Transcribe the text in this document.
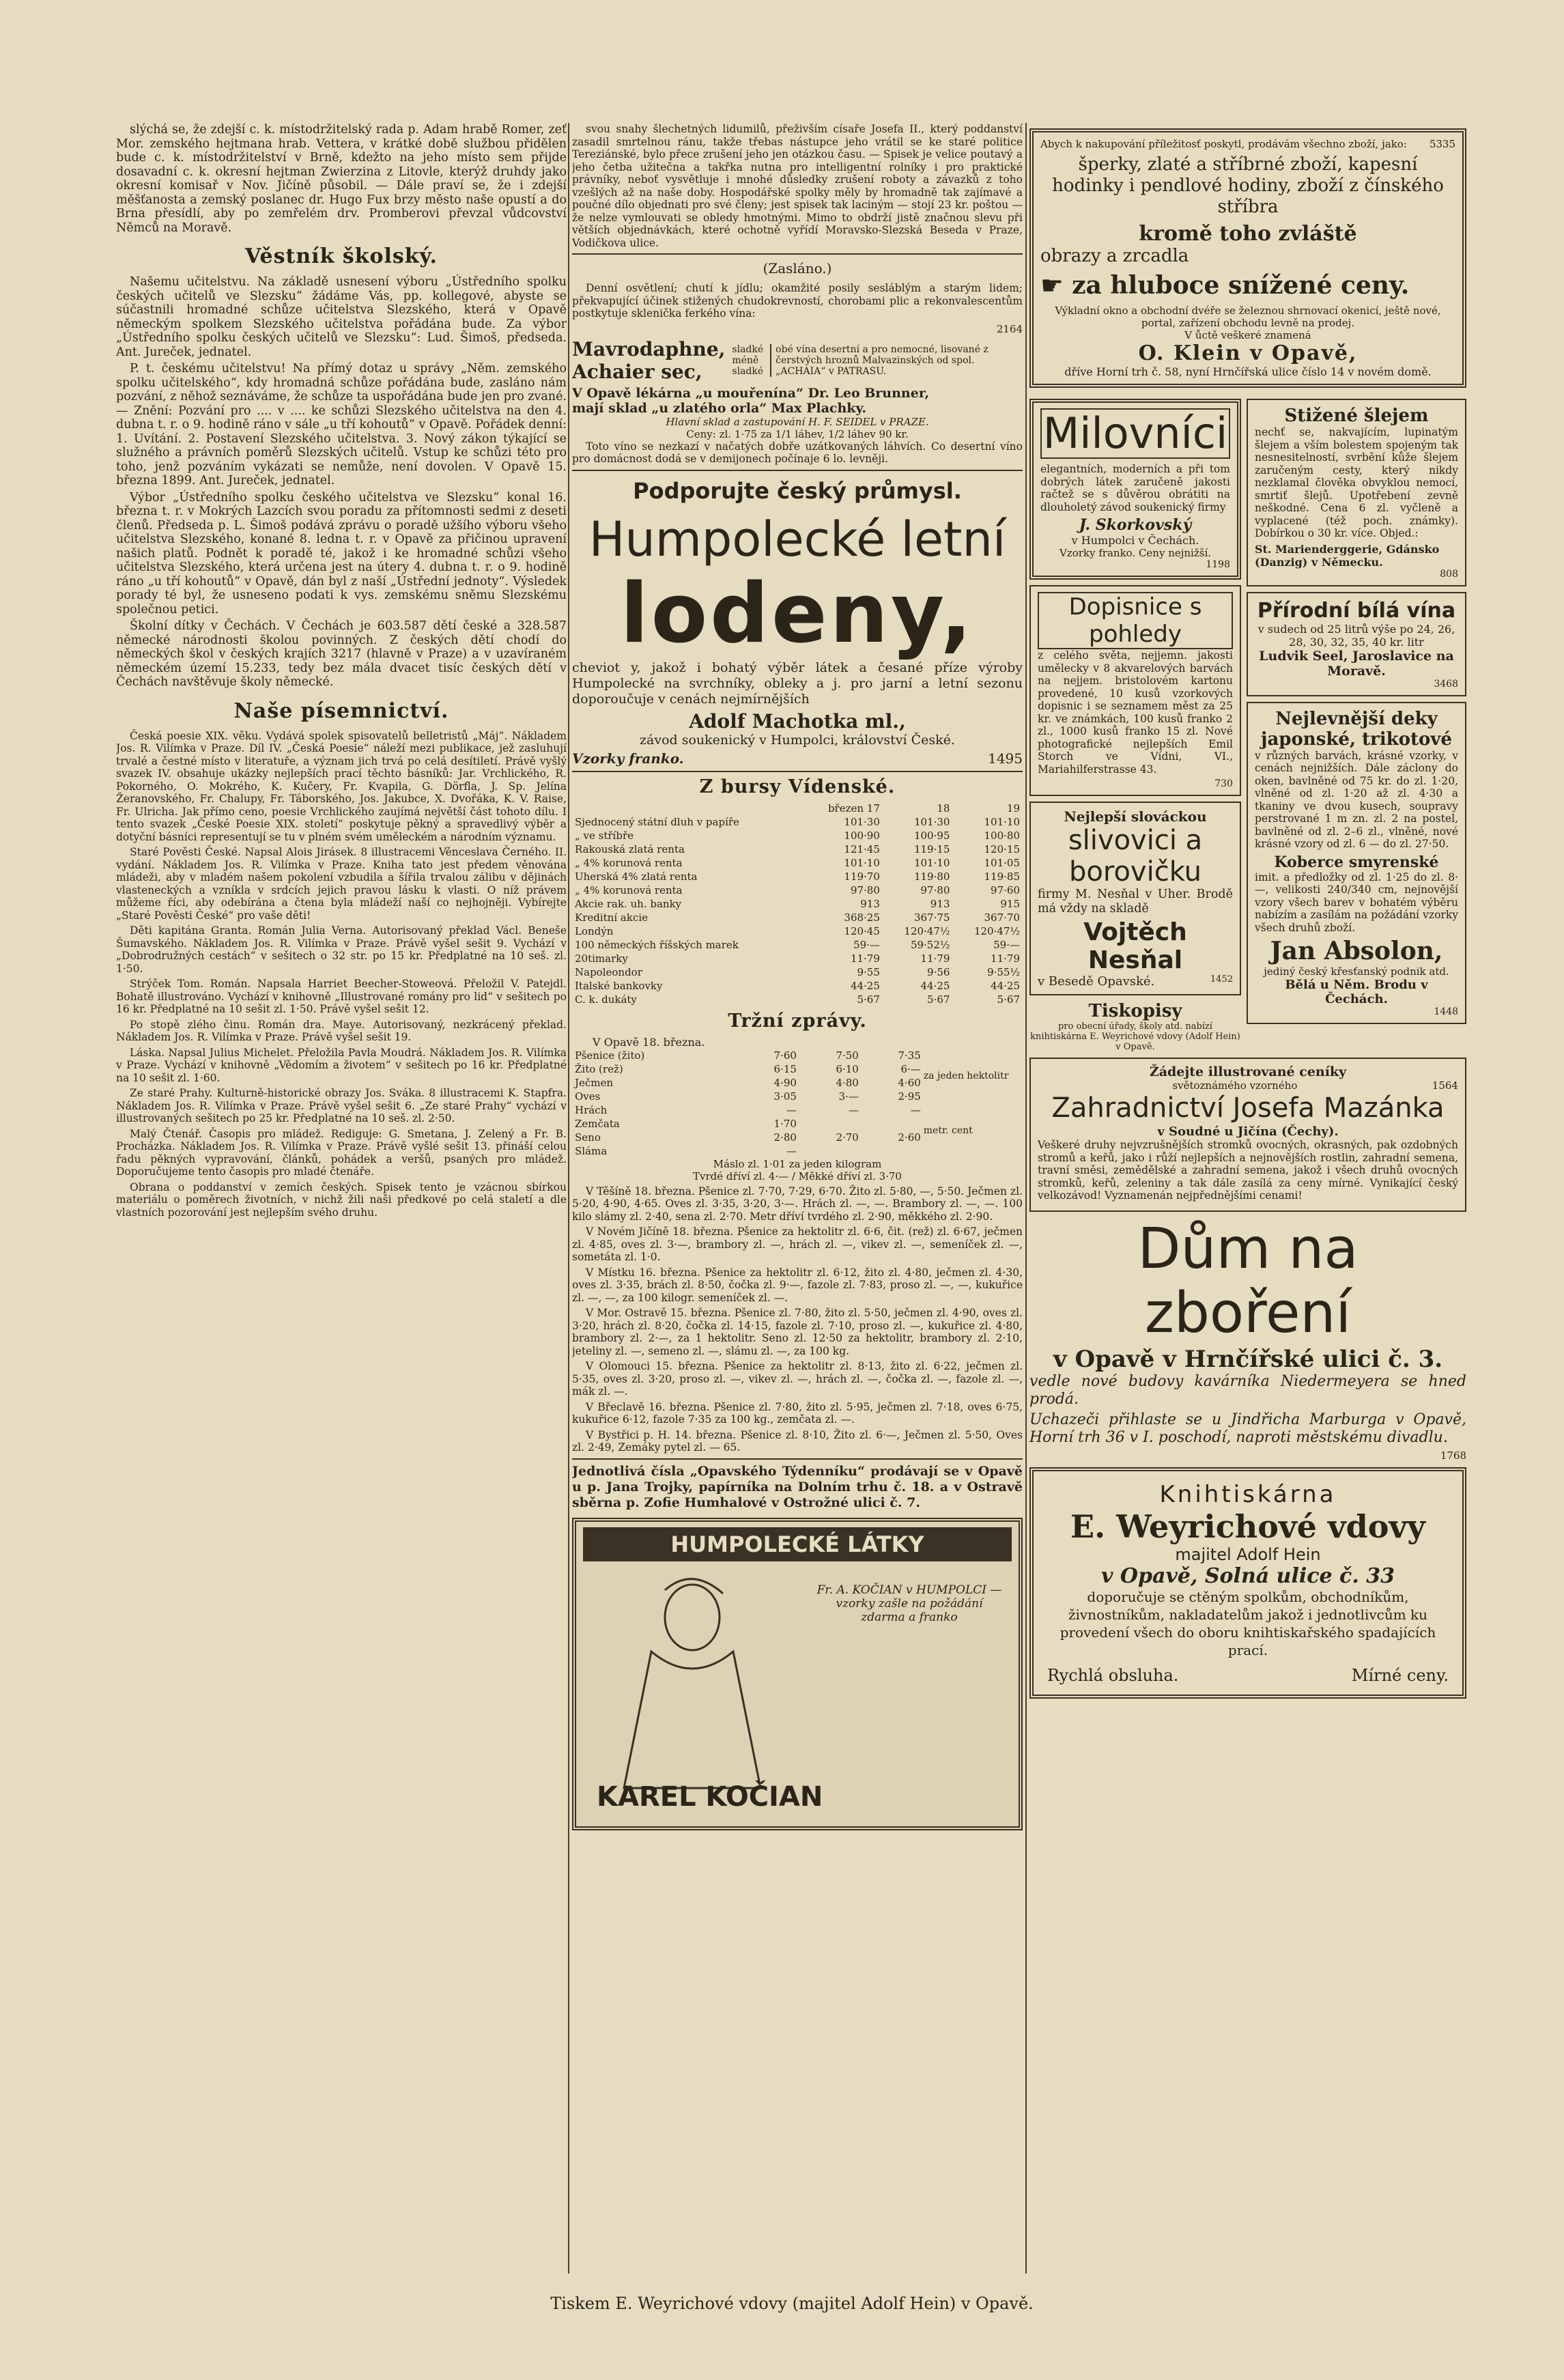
slýchá se, že zdejší c. k. místodržitelský rada p. Adam hrabě Romer, zeť Mor. zemského hejtmana hrab. Vettera, v krátké době službou přidělen bude c. k. místodržitelství v Brně, kdežto na jeho místo sem přijde dosavadní c. k. okresní hejtman Zwierzina z Litovle, kterýž druhdy jako okresní komisař v Nov. Jičíně působil. — Dále praví se, že i zdejší měšťanosta a zemský poslanec dr. Hugo Fux brzy město naše opustí a do Brna přesídlí, aby po zemřelém drv. Promberovi převzal vůdcovství Němců na Moravě.

Věstník školský.

Našemu učitelstvu. Na základě usnesení výboru „Ústředního spolku českých učitelů ve Slezsku“ žádáme Vás, pp. kollegové, abyste se súčastnili hromadné schůze učitelstva Slezského, která v Opavě německým spolkem Slezského učitelstva pořádána bude. Za výbor „Ústředního spolku českých učitelů ve Slezsku“: Lud. Šimoš, předseda. Ant. Jureček, jednatel.

P. t. českému učitelstvu! Na přímý dotaz u správy „Něm. zemského spolku učitelského“, kdy hromadná schůze pořádána bude, zasláno nám pozvání, z něhož seznáváme, že schůze ta uspořádána bude jen pro zvané. — Znění: Pozvání pro .... v .... ke schůzi Slezského učitelstva na den 4. dubna t. r. o 9. hodině ráno v sále „u tří kohoutů“ v Opavě. Pořádek denní: 1. Uvítání. 2. Postavení Slezského učitelstva. 3. Nový zákon týkající se služného a právních poměrů Slezských učitelů. Vstup ke schůzi této pro toho, jenž pozváním vykázati se nemůže, není dovolen. V Opavě 15. března 1899. Ant. Jureček, jednatel.

Výbor „Ústředního spolku českého učitelstva ve Slezsku“ konal 16. března t. r. v Mokrých Lazcích svou poradu za přítomnosti sedmi z deseti členů. Předseda p. L. Šimoš podává zprávu o poradě užšího výboru všeho učitelstva Slezského, konané 8. ledna t. r. v Opavě za přičinou upravení našich platů. Podnět k poradě té, jakož i ke hromadné schůzi všeho učitelstva Slezského, která určena jest na útery 4. dubna t. r. o 9. hodině ráno „u tří kohoutů“ v Opavě, dán byl z naší „Ústřední jednoty“. Výsledek porady té byl, že usneseno podati k vys. zemskému sněmu Slezskému společnou petici.

Školní dítky v Čechách. V Čechách je 603.587 dětí české a 328.587 německé národnosti školou povinných. Z českých dětí chodí do německých škol v českých krajích 3217 (hlavně v Praze) a v uzavíraném německém území 15.233, tedy bez mála dvacet tisíc českých dětí v Čechách navštěvuje školy německé.

Naše písemnictví.

Česká poesie XIX. věku. Vydává spolek spisovatelů belletristů „Máj“. Nákladem Jos. R. Vilímka v Praze. Díl IV. „Česká Poesie“ náleží mezi publikace, jež zasluhují trvalé a čestné místo v literatuře, a význam jich trvá po celá desítiletí. Právě vyšlý svazek IV. obsahuje ukázky nejlepších prací těchto básníků: Jar. Vrchlického, R. Pokorného, O. Mokrého, K. Kučery, Fr. Kvapila, G. Dörfla, J. Sp. Jelína Žeranovského, Fr. Chalupy, Fr. Táborského, Jos. Jakubce, X. Dvořáka, K. V. Raise, Fr. Ulricha. Jak přímo ceno, poesie Vrchlického zaujímá největší část tohoto dílu. I tento svazek „České Poesie XIX. století“ poskytuje pěkný a spravedlivý výběr a dotyční básníci representují se tu v plném svém uměleckém a národním významu.

Staré Pověsti České. Napsal Alois Jirásek. 8 illustracemi Věnceslava Černého. II. vydání. Nákladem Jos. R. Vilímka v Praze. Kniha tato jest předem věnována mládeži, aby v mladém našem pokolení vzbudila a šířila trvalou zálibu v dějinách vlasteneckých a vzníkla v srdcích jejich pravou lásku k vlasti. O níž právem můžeme říci, aby odebírána a čtena byla mládeží naší co nejhojněji. Vybírejte „Staré Pověsti České“ pro vaše děti!

Děti kapitána Granta. Román Julia Verna. Autorisovaný překlad Václ. Beneše Šumavského. Nákladem Jos. R. Vilímka v Praze. Právě vyšel sešit 9. Vychází v „Dobrodružných cestách“ v sešitech o 32 str. po 15 kr. Předplatné na 10 seš. zl. 1·50.

Strýček Tom. Román. Napsala Harriet Beecher-Stoweová. Přeložil V. Patejdl. Bohatě illustrováno. Vychází v knihovně „Illustrované romány pro lid“ v sešitech po 16 kr. Předplatné na 10 sešit zl. 1·50. Právě vyšel sešit 12.

Po stopě zlého činu. Román dra. Maye. Autorisovaný, nezkrácený překlad. Nákladem Jos. R. Vilímka v Praze. Právě vyšel sešit 19.

Láska. Napsal Julius Michelet. Přeložila Pavla Moudrá. Nákladem Jos. R. Vilímka v Praze. Vychází v knihovně „Vědomím a životem“ v sešitech po 16 kr. Předplatné na 10 sešit zl. 1·60.

Ze staré Prahy. Kulturně-historické obrazy Jos. Sváka. 8 illustracemi K. Stapfra. Nákladem Jos. R. Vilímka v Praze. Právě vyšel sešit 6. „Ze staré Prahy“ vychází v illustrovaných sešitech po 25 kr. Předplatné na 10 seš. zl. 2·50.

Malý Čtenář. Časopis pro mládež. Rediguje: G. Smetana, J. Zelený a Fr. B. Procházka. Nákladem Jos. R. Vilímka v Praze. Právě vyšlé sešit 13. přináší celou řadu pěkných vypravování, článků, pohádek a veršů, psaných pro mládež. Doporučujeme tento časopis pro mladé čtenáře.

Obrana o poddanství v zemích českých. Spisek tento je vzácnou sbírkou materiálu o poměrech životních, v nichž žili naši předkové po celá staletí a dle vlastních pozorování jest nejlepším svého druhu.

svou snahy šlechetných lidumilů, přeživším císaře Josefa II., který poddanství zasadil smrtelnou ránu, takže třebas nástupce jeho vrátil se ke staré politice Tereziánské, bylo přece zrušení jeho jen otázkou času. — Spisek je velice poutavý a jeho četba užitečna a takřka nutna pro intelligentní rolníky i pro praktické právníky, neboť vysvětluje i mnohé důsledky zrušení roboty a závazků z toho vzešlých až na naše doby. Hospodářské spolky měly by hromadně tak zajímavé a poučné dílo objednati pro své členy; jest spisek tak laciným — stojí 23 kr. poštou — že nelze vymlouvati se obledy hmotnými. Mimo to obdrží jistě značnou slevu při větších objednávkách, které ochotně vyřídí Moravsko-Slezská Beseda v Praze, Vodičkova ulice.

(Zasláno.)

Denní osvětlení; chutí k jídlu; okamžité posily sesláblým a starým lidem; překvapující účinek stižených chudokrevností, chorobami plic a rekonvalescentům postkytuje sklenička ferkého vína:

2164
Mavrodaphne,
Achaier sec,
sladké
méně sladké
obé vína desertní a pro nemocné, lisované z čerstvých hroznů Malvazinských od spol. „ACHAIA“ v PATRASU.
V Opavě lékárna „u mouřenína“ Dr. Leo Brunner,
mají sklad „u zlatého orla“ Max Plachky.
Hlavní sklad a zastupování H. F. SEIDEL v PRAZE.
Ceny: zl. 1·75 za 1/1 láhev, 1/2 láhev 90 kr.

Toto víno se nezkazí v načatých dobře uzátkovaných láhvích. Co desertní víno pro domácnost dodá se v demijonech počínaje 6 lo. levněji.

Podporujte český průmysl.
Humpolecké letní
lodeny,

cheviot y, jakož i bohatý výběr látek a česané příze výroby Humpolecké na svrchníky, obleky a j. pro jarní a letní sezonu doporoučuje v cenách nejmírnějších

Adolf Machotka ml.,
závod soukenický v Humpolci, království České.
Vzorky franko.	1495
Z bursy Vídenské.
	březen 17	18	19
Sjednocený státní dluh v papíře	101·30	101·30	101·10
„ ve stříbře	100·90	100·95	100·80
Rakouská zlatá renta	121·45	119·15	120·15
„ 4% korunová renta	101·10	101·10	101·05
Uherská 4% zlatá renta	119·70	119·80	119·85
„ 4% korunová renta	97·80	97·80	97·60
Akcie rak. uh. banky	913	913	915
Kreditní akcie	368·25	367·75	367·70
Londýn	120·45	120·47½	120·47½
100 německých říšských marek	59·—	59·52½	59·—
20timarky	11·79	11·79	11·79
Napoleondor	9·55	9·56	9·55½
Italské bankovky	44·25	44·25	44·25
C. k. dukáty	5·67	5·67	5·67
Tržní zprávy.
V Opavě 18. března.
Pšenice (žito)	7·60	7·50	7·35
Žito (rež)	6·15	6·10	6·—
Ječmen	4·90	4·80	4·60
Oves	3·05	3·—	2·95
Hrách	—	—	—
Zemčata	1·70		
Seno	2·80	2·70	2·60
Sláma	—		
za jeden hektolitr
metr. cent
Máslo zl. 1·01 za jeden kilogram
Tvrdé dříví zl. 4·— / Měkké dříví zl. 3·70

V Těšíně 18. března. Pšenice zl. 7·70, 7·29, 6·70. Žito zl. 5·80, —, 5·50. Ječmen zl. 5·20, 4·90, 4·65. Oves zl. 3·35, 3·20, 3·—. Hrách zl. —, —. Brambory zl. —, —. 100 kilo slámy zl. 2·40, sena zl. 2·70. Metr dříví tvrdého zl. 2·90, měkkého zl. 2·90.

V Novém Jičíně 18. března. Pšenice za hektolitr zl. 6·6, čit. (rež) zl. 6·67, ječmen zl. 4·85, oves zl. 3·—, brambory zl. —, hrách zl. —, vikev zl. —, semeníček zl. —, sometáta zl. 1·0.

V Místku 16. března. Pšenice za hektolitr zl. 6·12, žito zl. 4·80, ječmen zl. 4·30, oves zl. 3·35, brách zl. 8·50, čočka zl. 9·—, fazole zl. 7·83, proso zl. —, —, kukuřice zl. —, —, za 100 kilogr. semeníček zl. —.

V Mor. Ostravě 15. března. Pšenice zl. 7·80, žito zl. 5·50, ječmen zl. 4·90, oves zl. 3·20, hrách zl. 8·20, čočka zl. 14·15, fazole zl. 7·10, proso zl. —, kukuřice zl. 4·80, brambory zl. 2·—, za 1 hektolitr. Seno zl. 12·50 za hektolitr, brambory zl. 2·10, jeteliny zl. —, semeno zl. —, slámu zl. —, za 100 kg.

V Olomouci 15. března. Pšenice za hektolitr zl. 8·13, žito zl. 6·22, ječmen zl. 5·35, oves zl. 3·20, proso zl. —, vikev zl. —, hrách zl. —, čočka zl. —, fazole zl. —, mák zl. —.

V Břeclavě 16. března. Pšenice zl. 7·80, žito zl. 5·95, ječmen zl. 7·18, oves 6·75, kukuřice 6·12, fazole 7·35 za 100 kg., zemčata zl. —.

V Bystřici p. H. 14. března. Pšenice zl. 8·10, Žito zl. 6·—, Ječmen zl. 5·50, Oves zl. 2·49, Zemáky pytel zl. — 65.

Jednotlivá čísla „Opavského Týdenníku“ prodávají se v Opavě u p. Jana Trojky, papírníka na Dolním trhu č. 18. a v Ostravě sběrna p. Zofie Humhalové v Ostrožné ulici č. 7.

HUMPOLECKÉ LÁTKY
Fr. A. KOČIAN v HUMPOLCI — vzorky zašle na požádání zdarma a franko
KAREL KOČIAN
Abych k nakupování příležitosť poskytl, prodávám všechno zboží, jako: 5335
šperky, zlaté a stříbrné zboží, kapesní hodinky i pendlové hodiny, zboží z čínského stříbra
kromě toho zvláště
obrazy a zrcadla
☛ za hluboce snížené ceny.
Výkladní okno a obchodní dvéře se železnou shrnovací okenicí, ještě nové, portal, zařízení obchodu levně na prodej.
V ůctě veškeré znamená
O. Klein v Opavě,
dříve Horní trh č. 58, nyní Hrnčířská ulice číslo 14 v novém domě.
Milovníci

elegantních, moderních a při tom dobrých látek zaručeně jakosti račtež se s důvěrou obrátiti na dlouholetý závod soukenický firmy

J. Skorkovský
v Humpolci v Čechách.
Vzorky franko. Ceny nejnižší.
1198
Dopisnice s pohledy

z celého světa, nejjemn. jakosti umělecky v 8 akvarelových barvách na nejjem. bristolovém kartonu provedené, 10 kusů vzorkových dopisnic i se seznamem měst za 25 kr. ve známkách, 100 kusů franko 2 zl., 1000 kusů franko 15 zl. Nové photografické nejlepších Emil Storch ve Vídni, VI., Mariahilferstrasse 43.

730
Nejlepší slováckou
slivovici a borovičku

firmy M. Nesňal v Uher. Brodě má vždy na skladě

Vojtěch Nesňal
v Besedě Opavské.	1452
Tiskopisy
pro obecní úřady, školy atd. nabízí knihtiskárna E. Weyrichové vdovy (Adolf Hein) v Opavě.
Stižené šlejem

nechť se, nakvajícím, lupinatým šlejem a vším bolestem spojeným tak nesnesitelností, svrbění kůže šlejem zaručeným cesty, který nikdy nezklamal člověka obvyklou nemocí, smrtiť šlejů. Upotřebení zevně neškodné. Cena 6 zl. vyčleně a vyplacené (též poch. známky). Dobírkou o 30 kr. více. Objed.:

St. Marienderggerie, Gdánsko (Danzig) v Německu.
808
Přírodní bílá vína
v sudech od 25 litrů výše po 24, 26, 28, 30, 32, 35, 40 kr. litr
Ludvik Seel, Jaroslavice na Moravě.
3468
Nejlevnější deky japonské, trikotové

v různých barvách, krásné vzorky, v cenách nejnižších. Dále záclony do oken, bavlněné od 75 kr. do zl. 1·20, vlněné od zl. 1·20 až zl. 4·30 a tkaniny ve dvou kusech, soupravy perstrované 1 m zn. zl. 2 na postel, bavlněné od zl. 2–6 zl., vlněné, nové krásné vzory od zl. 6 — do zl. 27·50.

Koberce smyrenské

imit. a předložky od zl. 1·25 do zl. 8·—, velikosti 240/340 cm, nejnovější vzory všech barev v bohatém výběru nabízím a zasílám na požádání vzorky všech druhů zboží.

Jan Absolon,
jediný český křesťanský podnik atd.
Bělá u Něm. Brodu v Čechách.
1448
Žádejte illustrované ceníky
světoznámého vzorného	1564
Zahradnictví Josefa Mazánka
v Soudné u Jičína (Čechy).

Veškeré druhy nejvzrušnějších stromků ovocných, okrasných, pak ozdobných stromů a keřů, jako i růží nejlepších a nejnovějších rostlin, zahradní semena, travní směsi, zemědělské a zahradní semena, jakož i všech druhů ovocných stromků, keřů, zeleniny a tak dále zasílá za ceny mírné. Vynikající český velkozávod! Vyznamenán nejpřednějšími cenami!

Dům na zboření
v Opavě v Hrnčířské ulici č. 3.

vedle nové budovy kavárníka Niedermeyera se hned prodá.

Uchazeči přihlaste se u Jindřicha Marburga v Opavě, Horní trh 36 v I. poschodí, naproti městskému divadlu.

1768
Knihtiskárna
E. Weyrichové vdovy
majitel Adolf Hein
v Opavě, Solná ulice č. 33
doporučuje se ctěným spolkům, obchodníkům, živnostníkům, nakladatelům jakož i jednotlivcům ku provedení všech do oboru knihtiskařského spadajících prací.
Rychlá obsluha.	Mírné ceny.
Tiskem E. Weyrichové vdovy (majitel Adolf Hein) v Opavě.
